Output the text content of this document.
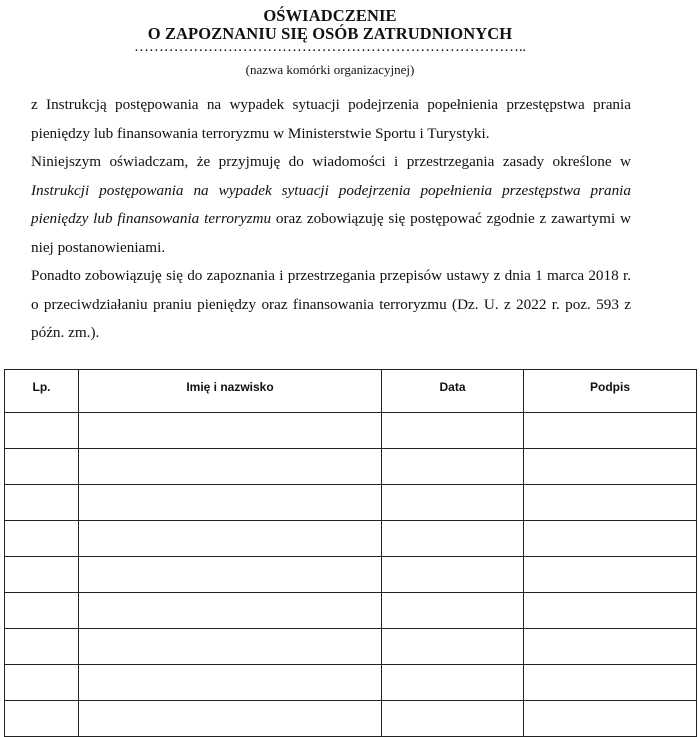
OŚWIADCZENIE
O ZAPOZNANIU SIĘ OSÓB ZATRUDNIONYCH
……………………………………………………………………..
(nazwa komórki organizacyjnej)

z Instrukcją postępowania na wypadek sytuacji podejrzenia popełnienia przestępstwa prania pieniędzy lub finansowania terroryzmu w Ministerstwie Sportu i Turystyki.

Niniejszym oświadczam, że przyjmuję do wiadomości i przestrzegania zasady określone w Instrukcji postępowania na wypadek sytuacji podejrzenia popełnienia przestępstwa prania pieniędzy lub finansowania terroryzmu oraz zobowiązuję się postępować zgodnie z zawartymi w niej postanowieniami.

Ponadto zobowiązuję się do zapoznania i przestrzegania przepisów ustawy z dnia 1 marca 2018 r. o przeciwdziałaniu praniu pieniędzy oraz finansowania terroryzmu (Dz. U. z 2022 r. poz. 593 z późn. zm.).

Lp.	Imię i nazwisko	Data	Podpis
